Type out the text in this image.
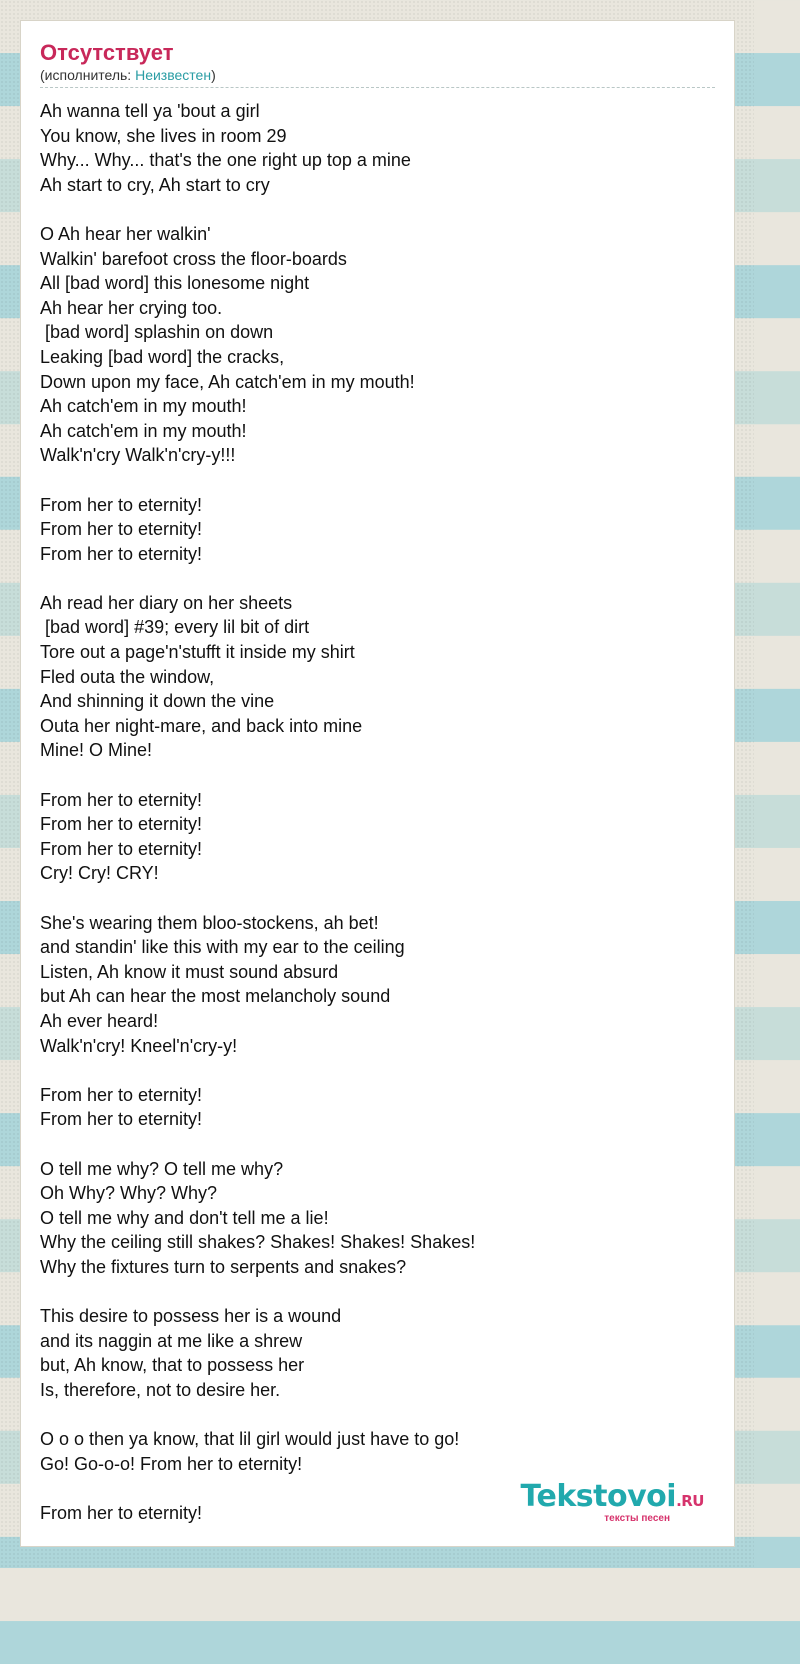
Отсутствует
(исполнитель: Неизвестен)
Ah wanna tell ya 'bout a girl
You know, she lives in room 29
Why... Why... that's the one right up top a mine
Ah start to cry, Ah start to cry

O Ah hear her walkin'
Walkin' barefoot cross the floor-boards
All [bad word] this lonesome night
Ah hear her crying too.
[bad word] splashin on down
Leaking [bad word] the cracks,
Down upon my face, Ah catch'em in my mouth!
Ah catch'em in my mouth!
Ah catch'em in my mouth!
Walk'n'cry Walk'n'cry-y!!!

From her to eternity!
From her to eternity!
From her to eternity!

Ah read her diary on her sheets
[bad word] #39; every lil bit of dirt
Tore out a page'n'stufft it inside my shirt
Fled outa the window,
And shinning it down the vine
Outa her night-mare, and back into mine
Mine! O Mine!

From her to eternity!
From her to eternity!
From her to eternity!
Cry! Cry! CRY!

She's wearing them bloo-stockens, ah bet!
and standin' like this with my ear to the ceiling
Listen, Ah know it must sound absurd
but Ah can hear the most melancholy sound
Ah ever heard!
Walk'n'cry! Kneel'n'cry-y!

From her to eternity!
From her to eternity!

O tell me why? O tell me why?
Oh Why? Why? Why?
O tell me why and don't tell me a lie!
Why the ceiling still shakes? Shakes! Shakes! Shakes!
Why the fixtures turn to serpents and snakes?

This desire to possess her is a wound
and its naggin at me like a shrew
but, Ah know, that to possess her
Is, therefore, not to desire her.

O o o then ya know, that lil girl would just have to go!
Go! Go-o-o! From her to eternity!

From her to eternity!	Tekstovoi.RU
тексты песен
